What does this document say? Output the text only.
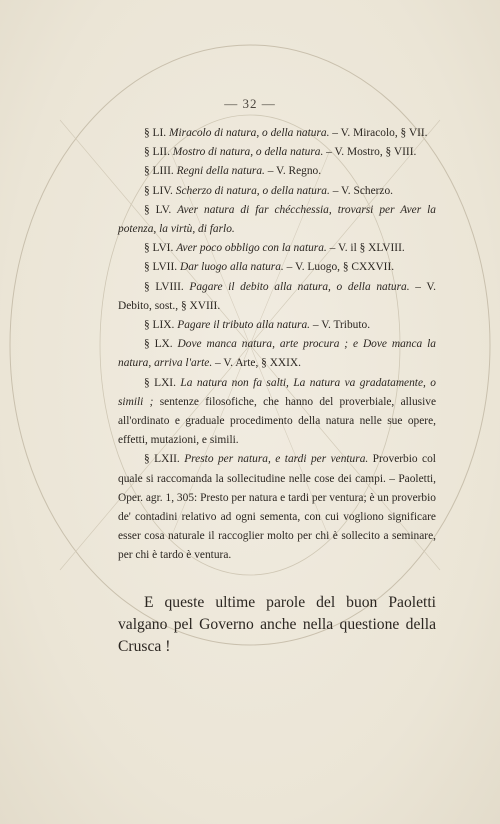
— 32 —

§ LI. Miracolo di natura, o della natura. – V. Miracolo, § VII.

§ LII. Mostro di natura, o della natura. – V. Mostro, § VIII.

§ LIII. Regni della natura. – V. Regno.

§ LIV. Scherzo di natura, o della natura. – V. Scherzo.

§ LV. Aver natura di far chécchessia, trovarsi per Aver la potenza, la virtù, di farlo.

§ LVI. Aver poco obbligo con la natura. – V. il § XLVIII.

§ LVII. Dar luogo alla natura. – V. Luogo, § CXXVII.

§ LVIII. Pagare il debito alla natura, o della natura. – V. Debito, sost., § XVIII.

§ LIX. Pagare il tributo alla natura. – V. Tributo.

§ LX. Dove manca natura, arte procura ; e Dove manca la natura, arriva l'arte. – V. Arte, § XXIX.

§ LXI. La natura non fa salti, La natura va gradatamente, o simili ; sentenze filosofiche, che hanno del proverbiale, allusive all'ordinato e graduale procedimento della natura nelle sue opere, effetti, mutazioni, e simili.

§ LXII. Presto per natura, e tardi per ventura. Proverbio col quale si raccomanda la sollecitudine nelle cose dei campi. – Paoletti, Oper. agr. 1, 305: Presto per natura e tardi per ventura; è un proverbio de' contadini relativo ad ogni sementa, con cui vogliono significare esser cosa naturale il raccoglier molto per chi è sollecito a seminare, per chi è tardo è ventura.

E queste ultime parole del buon Paoletti valgano pel Governo anche nella questione della Crusca !
